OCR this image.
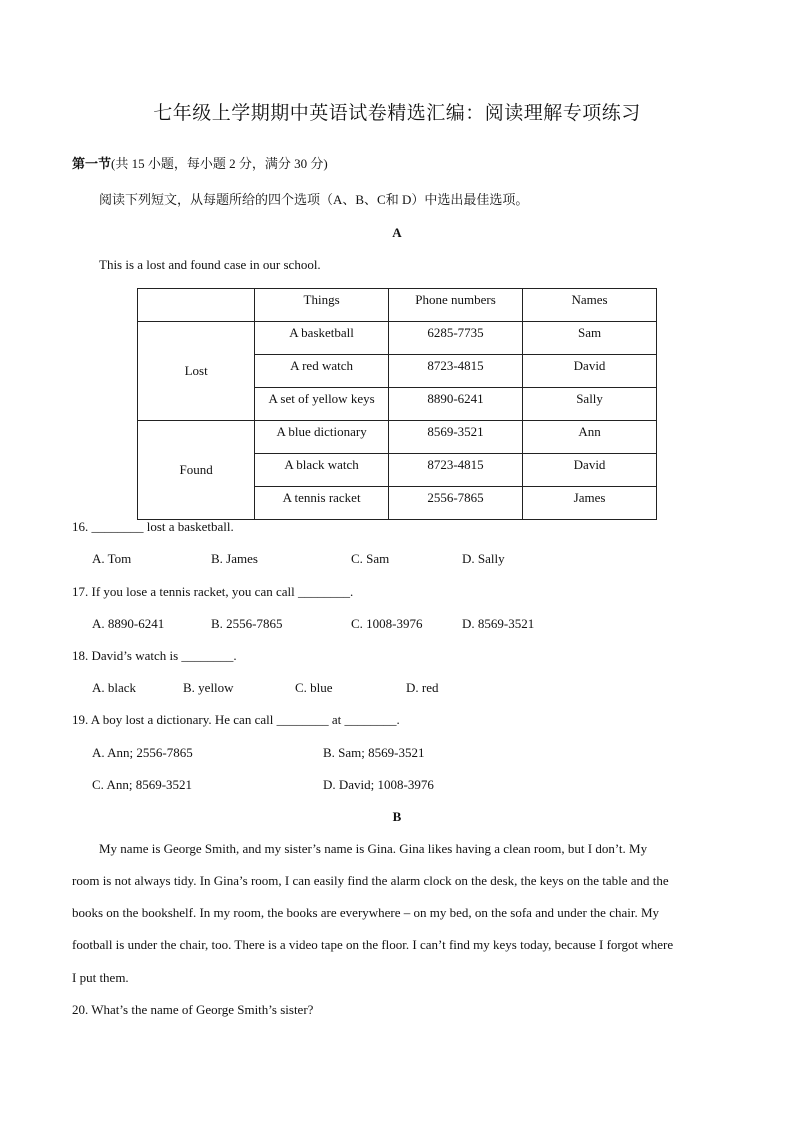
七年级上学期期中英语试卷精选汇编：阅读理解专项练习
第一节(共 15 小题，每小题 2 分，满分 30 分)
阅读下列短文，从每题所给的四个选项（A、B、C和 D）中选出最佳选项。
A
This is a lost and found case in our school.
	Things	Phone numbers	Names
Lost	A basketball	6285-7735	Sam
	A red watch	8723-4815	David
	A set of yellow keys	8890-6241	Sally
Found	A blue dictionary	8569-3521	Ann
	A black watch	8723-4815	David
	A tennis racket	2556-7865	James
16. ________ lost a basketball.
A. Tom	B. James	C. Sam	D. Sally
17. If you lose a tennis racket, you can call ________.
A. 8890-6241	B. 2556-7865	C. 1008-3976	D. 8569-3521
18. David’s watch is ________.
A. black	B. yellow	C. blue	D. red
19. A boy lost a dictionary. He can call ________ at ________.
A. Ann; 2556-7865	B. Sam; 8569-3521
C. Ann; 8569-3521	D. David; 1008-3976
B
My name is George Smith, and my sister’s name is Gina. Gina likes having a clean room, but I don’t. My
room is not always tidy. In Gina’s room, I can easily find the alarm clock on the desk, the keys on the table and the
books on the bookshelf. In my room, the books are everywhere – on my bed, on the sofa and under the chair. My
football is under the chair, too. There is a video tape on the floor. I can’t find my keys today, because I forgot where
I put them.
20. What’s the name of George Smith’s sister?
